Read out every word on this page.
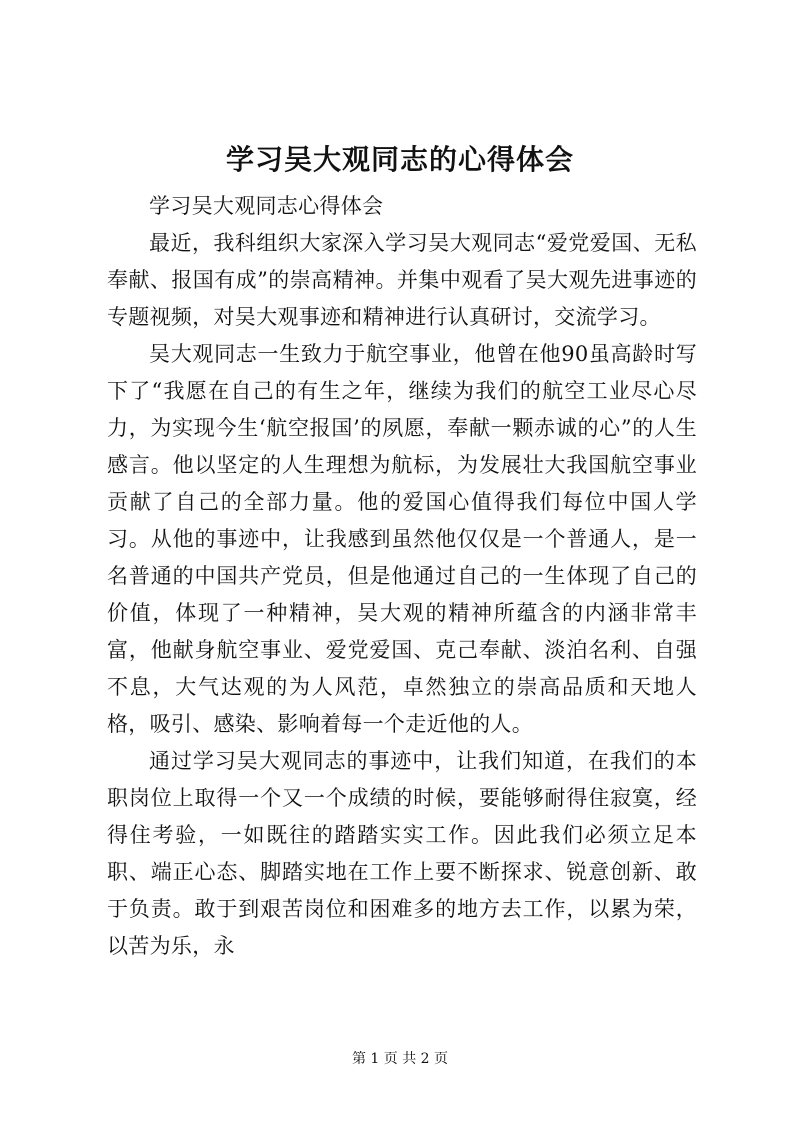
学习吴大观同志的心得体会

学习吴大观同志心得体会

最近，我科组织大家深入学习吴大观同志“爱党爱国、无私奉献、报国有成”的崇高精神。并集中观看了吴大观先进事迹的专题视频，对吴大观事迹和精神进行认真研讨，交流学习。

吴大观同志一生致力于航空事业，他曾在他90虽高龄时写下了“我愿在自己的有生之年，继续为我们的航空工业尽心尽力，为实现今生‘航空报国’的夙愿，奉献一颗赤诚的心”的人生感言。他以坚定的人生理想为航标，为发展壮大我国航空事业贡献了自己的全部力量。他的爱国心值得我们每位中国人学习。从他的事迹中，让我感到虽然他仅仅是一个普通人，是一名普通的中国共产党员，但是他通过自己的一生体现了自己的价值，体现了一种精神，吴大观的精神所蕴含的内涵非常丰富，他献身航空事业、爱党爱国、克己奉献、淡泊名利、自强不息，大气达观的为人风范，卓然独立的崇高品质和天地人格，吸引、感染、影响着每一个走近他的人。

通过学习吴大观同志的事迹中，让我们知道，在我们的本职岗位上取得一个又一个成绩的时候，要能够耐得住寂寞，经得住考验，一如既往的踏踏实实工作。因此我们必须立足本职、端正心态、脚踏实地在工作上要不断探求、锐意创新、敢于负责。敢于到艰苦岗位和困难多的地方去工作，以累为荣，以苦为乐，永

第 1 页 共 2 页
